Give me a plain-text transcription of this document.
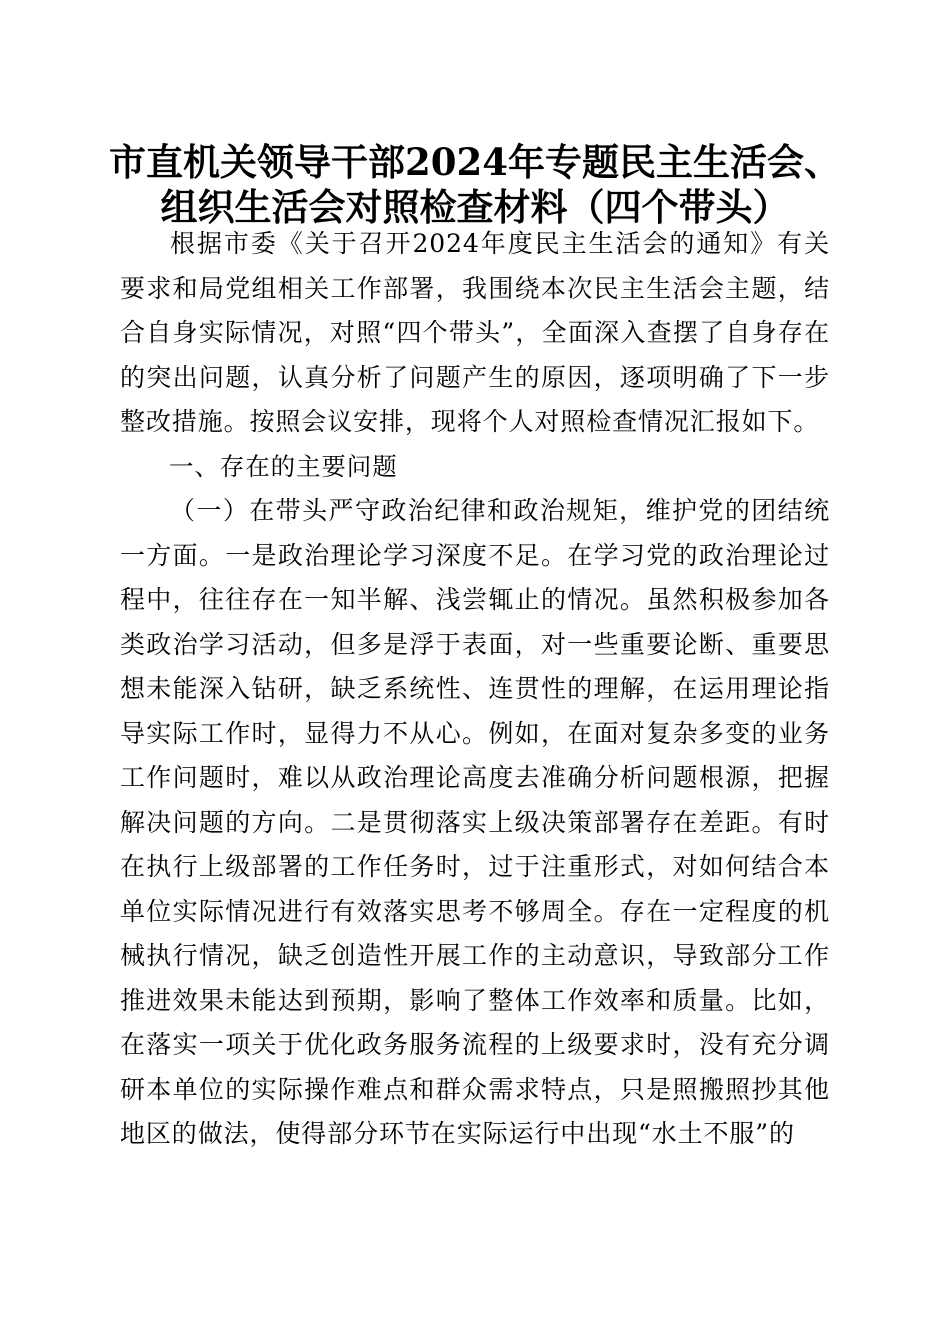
市直机关领导干部2024年专题民主生活会、
组织生活会对照检查材料（四个带头）

根据市委《关于召开2024年度民主生活会的通知》有关要求和局党组相关工作部署，我围绕本次民主生活会主题，结合自身实际情况，对照“四个带头”，全面深入查摆了自身存在的突出问题，认真分析了问题产生的原因，逐项明确了下一步整改措施。按照会议安排，现将个人对照检查情况汇报如下。

一、存在的主要问题

（一）在带头严守政治纪律和政治规矩，维护党的团结统一方面。一是政治理论学习深度不足。在学习党的政治理论过程中，往往存在一知半解、浅尝辄止的情况。虽然积极参加各类政治学习活动，但多是浮于表面，对一些重要论断、重要思想未能深入钻研，缺乏系统性、连贯性的理解，在运用理论指导实际工作时，显得力不从心。例如，在面对复杂多变的业务工作问题时，难以从政治理论高度去准确分析问题根源，把握解决问题的方向。二是贯彻落实上级决策部署存在差距。有时在执行上级部署的工作任务时，过于注重形式，对如何结合本单位实际情况进行有效落实思考不够周全。存在一定程度的机械执行情况，缺乏创造性开展工作的主动意识，导致部分工作推进效果未能达到预期，影响了整体工作效率和质量。比如，在落实一项关于优化政务服务流程的上级要求时，没有充分调研本单位的实际操作难点和群众需求特点，只是照搬照抄其他地区的做法，使得部分环节在实际运行中出现“水土不服”的
